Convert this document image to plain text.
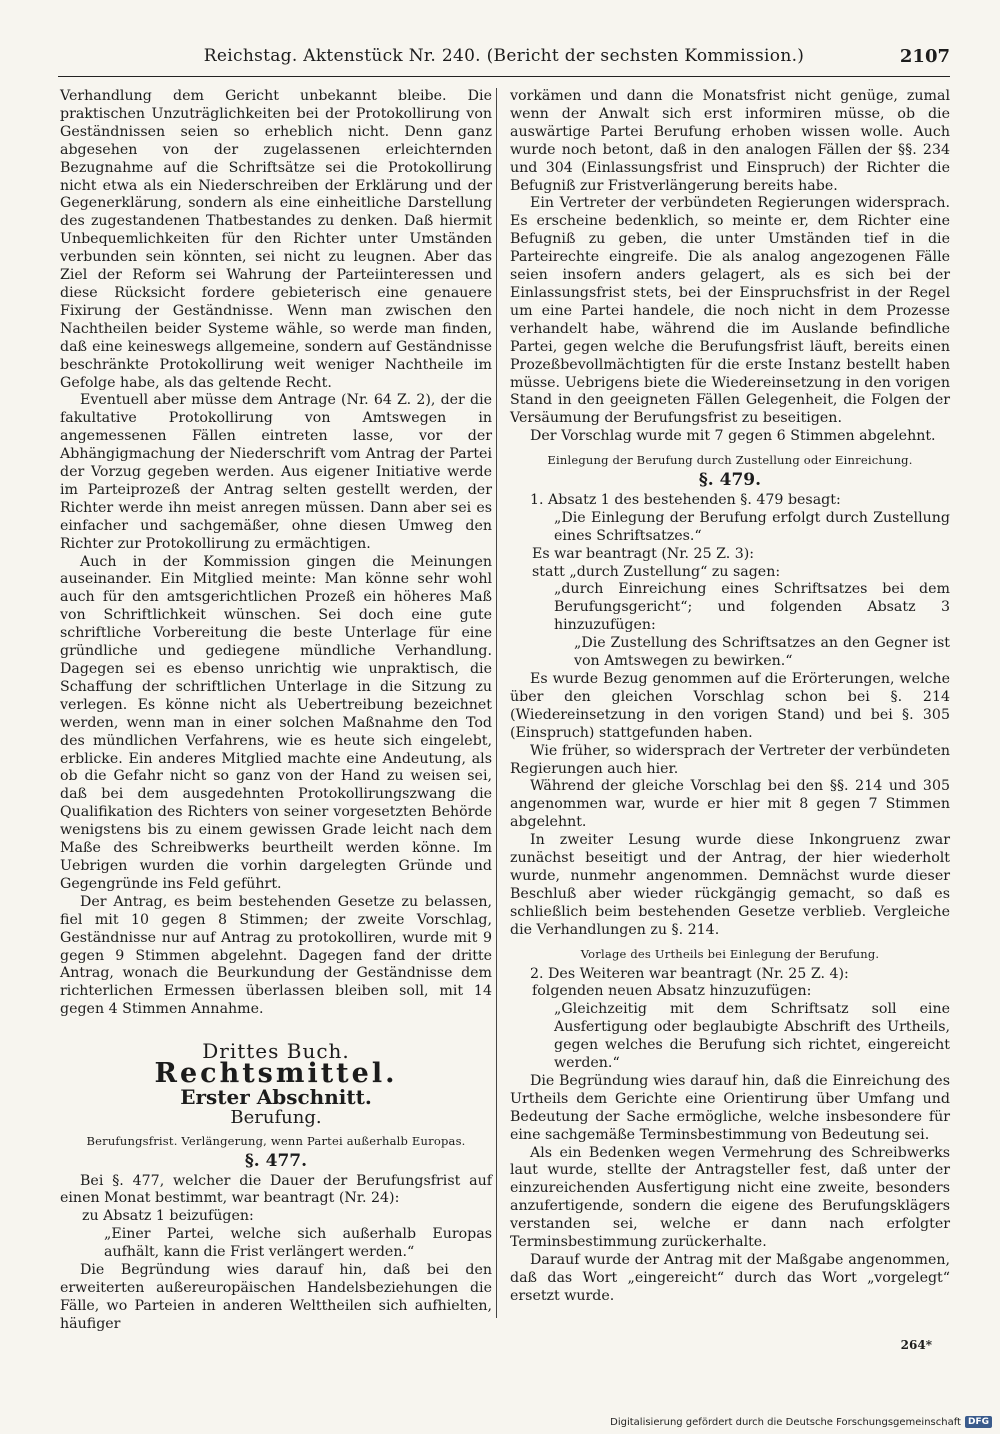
Reichstag. Aktenstück Nr. 240. (Bericht der sechsten Kommission.)	2107

Verhandlung dem Gericht unbekannt bleibe. Die praktischen Unzuträglichkeiten bei der Protokollirung von Geständnissen seien so erheblich nicht. Denn ganz abgesehen von der zugelassenen erleichternden Bezugnahme auf die Schriftsätze sei die Protokollirung nicht etwa als ein Niederschreiben der Erklärung und der Gegenerklärung, sondern als eine einheitliche Darstellung des zugestandenen Thatbestandes zu denken. Daß hiermit Unbequemlichkeiten für den Richter unter Umständen verbunden sein könnten, sei nicht zu leugnen. Aber das Ziel der Reform sei Wahrung der Parteiinteressen und diese Rücksicht fordere gebieterisch eine genauere Fixirung der Geständnisse. Wenn man zwischen den Nachtheilen beider Systeme wähle, so werde man finden, daß eine keineswegs allgemeine, sondern auf Geständnisse beschränkte Protokollirung weit weniger Nachtheile im Gefolge habe, als das geltende Recht.

Eventuell aber müsse dem Antrage (Nr. 64 Z. 2), der die fakultative Protokollirung von Amtswegen in angemessenen Fällen eintreten lasse, vor der Abhängigmachung der Niederschrift vom Antrag der Partei der Vorzug gegeben werden. Aus eigener Initiative werde im Parteiprozeß der Antrag selten gestellt werden, der Richter werde ihn meist anregen müssen. Dann aber sei es einfacher und sachgemäßer, ohne diesen Umweg den Richter zur Protokollirung zu ermächtigen.

Auch in der Kommission gingen die Meinungen auseinander. Ein Mitglied meinte: Man könne sehr wohl auch für den amtsgerichtlichen Prozeß ein höheres Maß von Schriftlichkeit wünschen. Sei doch eine gute schriftliche Vorbereitung die beste Unterlage für eine gründliche und gediegene mündliche Verhandlung. Dagegen sei es ebenso unrichtig wie unpraktisch, die Schaffung der schriftlichen Unterlage in die Sitzung zu verlegen. Es könne nicht als Uebertreibung bezeichnet werden, wenn man in einer solchen Maßnahme den Tod des mündlichen Verfahrens, wie es heute sich eingelebt, erblicke. Ein anderes Mitglied machte eine Andeutung, als ob die Gefahr nicht so ganz von der Hand zu weisen sei, daß bei dem ausgedehnten Protokollirungszwang die Qualifikation des Richters von seiner vorgesetzten Behörde wenigstens bis zu einem gewissen Grade leicht nach dem Maße des Schreibwerks beurtheilt werden könne. Im Uebrigen wurden die vorhin dargelegten Gründe und Gegengründe ins Feld geführt.

Der Antrag, es beim bestehenden Gesetze zu belassen, fiel mit 10 gegen 8 Stimmen; der zweite Vorschlag, Geständnisse nur auf Antrag zu protokolliren, wurde mit 9 gegen 9 Stimmen abgelehnt. Dagegen fand der dritte Antrag, wonach die Beurkundung der Geständnisse dem richterlichen Ermessen überlassen bleiben soll, mit 14 gegen 4 Stimmen Annahme.

Drittes Buch.
Rechtsmittel.
Erster Abschnitt.
Berufung.
Berufungsfrist. Verlängerung, wenn Partei außerhalb Europas.
§. 477.

Bei §. 477, welcher die Dauer der Berufungsfrist auf einen Monat bestimmt, war beantragt (Nr. 24):

zu Absatz 1 beizufügen:

„Einer Partei, welche sich außerhalb Europas aufhält, kann die Frist verlängert werden.“

Die Begründung wies darauf hin, daß bei den erweiterten außereuropäischen Handelsbeziehungen die Fälle, wo Parteien in anderen Welttheilen sich aufhielten, häufiger

vorkämen und dann die Monatsfrist nicht genüge, zumal wenn der Anwalt sich erst informiren müsse, ob die auswärtige Partei Berufung erhoben wissen wolle. Auch wurde noch betont, daß in den analogen Fällen der §§. 234 und 304 (Einlassungsfrist und Einspruch) der Richter die Befugniß zur Fristverlängerung bereits habe.

Ein Vertreter der verbündeten Regierungen widersprach. Es erscheine bedenklich, so meinte er, dem Richter eine Befugniß zu geben, die unter Umständen tief in die Parteirechte eingreife. Die als analog angezogenen Fälle seien insofern anders gelagert, als es sich bei der Einlassungsfrist stets, bei der Einspruchsfrist in der Regel um eine Partei handele, die noch nicht in dem Prozesse verhandelt habe, während die im Auslande befindliche Partei, gegen welche die Berufungsfrist läuft, bereits einen Prozeßbevollmächtigten für die erste Instanz bestellt haben müsse. Uebrigens biete die Wiedereinsetzung in den vorigen Stand in den geeigneten Fällen Gelegenheit, die Folgen der Versäumung der Berufungsfrist zu beseitigen.

Der Vorschlag wurde mit 7 gegen 6 Stimmen abgelehnt.

Einlegung der Berufung durch Zustellung oder Einreichung.
§. 479.

1. Absatz 1 des bestehenden §. 479 besagt:

„Die Einlegung der Berufung erfolgt durch Zustellung eines Schriftsatzes.“

Es war beantragt (Nr. 25 Z. 3):

statt „durch Zustellung“ zu sagen:

„durch Einreichung eines Schriftsatzes bei dem Berufungsgericht“; und folgenden Absatz 3 hinzuzufügen:

„Die Zustellung des Schriftsatzes an den Gegner ist von Amtswegen zu bewirken.“

Es wurde Bezug genommen auf die Erörterungen, welche über den gleichen Vorschlag schon bei §. 214 (Wiedereinsetzung in den vorigen Stand) und bei §. 305 (Einspruch) stattgefunden haben.

Wie früher, so widersprach der Vertreter der verbündeten Regierungen auch hier.

Während der gleiche Vorschlag bei den §§. 214 und 305 angenommen war, wurde er hier mit 8 gegen 7 Stimmen abgelehnt.

In zweiter Lesung wurde diese Inkongruenz zwar zunächst beseitigt und der Antrag, der hier wiederholt wurde, nunmehr angenommen. Demnächst wurde dieser Beschluß aber wieder rückgängig gemacht, so daß es schließlich beim bestehenden Gesetze verblieb. Vergleiche die Verhandlungen zu §. 214.

Vorlage des Urtheils bei Einlegung der Berufung.

2. Des Weiteren war beantragt (Nr. 25 Z. 4):

folgenden neuen Absatz hinzuzufügen:

„Gleichzeitig mit dem Schriftsatz soll eine Ausfertigung oder beglaubigte Abschrift des Urtheils, gegen welches die Berufung sich richtet, eingereicht werden.“

Die Begründung wies darauf hin, daß die Einreichung des Urtheils dem Gerichte eine Orientirung über Umfang und Bedeutung der Sache ermögliche, welche insbesondere für eine sachgemäße Terminsbestimmung von Bedeutung sei.

Als ein Bedenken wegen Vermehrung des Schreibwerks laut wurde, stellte der Antragsteller fest, daß unter der einzureichenden Ausfertigung nicht eine zweite, besonders anzufertigende, sondern die eigene des Berufungsklägers verstanden sei, welche er dann nach erfolgter Terminsbestimmung zurückerhalte.

Darauf wurde der Antrag mit der Maßgabe angenommen, daß das Wort „eingereicht“ durch das Wort „vorgelegt“ ersetzt wurde.

264*
Digitalisierung gefördert durch die Deutsche Forschungsgemeinschaft DFG
